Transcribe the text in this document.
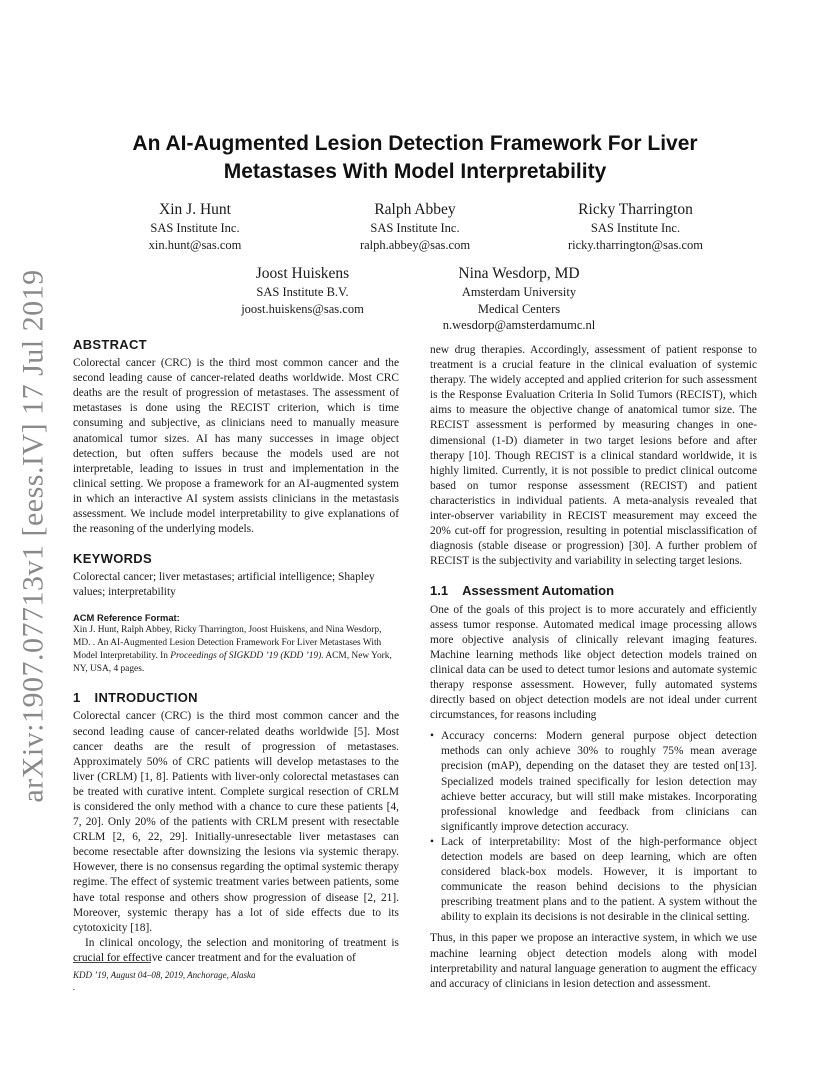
arXiv:1907.07713v1 [eess.IV] 17 Jul 2019
An AI-Augmented Lesion Detection Framework For Liver Metastases With Model Interpretability
Xin J. Hunt
SAS Institute Inc.
xin.hunt@sas.com
Ralph Abbey
SAS Institute Inc.
ralph.abbey@sas.com
Ricky Tharrington
SAS Institute Inc.
ricky.tharrington@sas.com
Joost Huiskens
SAS Institute B.V.
joost.huiskens@sas.com
Nina Wesdorp, MD
Amsterdam University Medical Centers
n.wesdorp@amsterdamumc.nl
ABSTRACT

Colorectal cancer (CRC) is the third most common cancer and the second leading cause of cancer-related deaths worldwide. Most CRC deaths are the result of progression of metastases. The assessment of metastases is done using the RECIST criterion, which is time consuming and subjective, as clinicians need to manually measure anatomical tumor sizes. AI has many successes in image object detection, but often suffers because the models used are not interpretable, leading to issues in trust and implementation in the clinical setting. We propose a framework for an AI-augmented system in which an interactive AI system assists clinicians in the metastasis assessment. We include model interpretability to give explanations of the reasoning of the underlying models.

KEYWORDS

Colorectal cancer; liver metastases; artificial intelligence; Shapley values; interpretability

ACM Reference Format:
Xin J. Hunt, Ralph Abbey, Ricky Tharrington, Joost Huiskens, and Nina Wesdorp, MD. . An AI-Augmented Lesion Detection Framework For Liver Metastases With Model Interpretability. In Proceedings of SIGKDD ’19 (KDD ’19). ACM, New York, NY, USA, 4 pages.
1 INTRODUCTION

Colorectal cancer (CRC) is the third most common cancer and the second leading cause of cancer-related deaths worldwide [5]. Most cancer deaths are the result of progression of metastases. Approximately 50% of CRC patients will develop metastases to the liver (CRLM) [1, 8]. Patients with liver-only colorectal metastases can be treated with curative intent. Complete surgical resection of CRLM is considered the only method with a chance to cure these patients [4, 7, 20]. Only 20% of the patients with CRLM present with resectable CRLM [2, 6, 22, 29]. Initially-unresectable liver metastases can become resectable after downsizing the lesions via systemic therapy. However, there is no consensus regarding the optimal systemic therapy regime. The effect of systemic treatment varies between patients, some have total response and others show progression of disease [2, 21]. Moreover, systemic therapy has a lot of side effects due to its cytotoxicity [18].

In clinical oncology, the selection and monitoring of treatment is crucial for effective cancer treatment and for the evaluation of

KDD ’19, August 04–08, 2019, Anchorage, Alaska
.

new drug therapies. Accordingly, assessment of patient response to treatment is a crucial feature in the clinical evaluation of systemic therapy. The widely accepted and applied criterion for such assessment is the Response Evaluation Criteria In Solid Tumors (RECIST), which aims to measure the objective change of anatomical tumor size. The RECIST assessment is performed by measuring changes in one-dimensional (1-D) diameter in two target lesions before and after therapy [10]. Though RECIST is a clinical standard worldwide, it is highly limited. Currently, it is not possible to predict clinical outcome based on tumor response assessment (RECIST) and patient characteristics in individual patients. A meta-analysis revealed that inter-observer variability in RECIST measurement may exceed the 20% cut-off for progression, resulting in potential misclassification of diagnosis (stable disease or progression) [30]. A further problem of RECIST is the subjectivity and variability in selecting target lesions.

1.1 Assessment Automation

One of the goals of this project is to more accurately and efficiently assess tumor response. Automated medical image processing allows more objective analysis of clinically relevant imaging features. Machine learning methods like object detection models trained on clinical data can be used to detect tumor lesions and automate systemic therapy response assessment. However, fully automated systems directly based on object detection models are not ideal under current circumstances, for reasons including

• Accuracy concerns: Modern general purpose object detection methods can only achieve 30% to roughly 75% mean average precision (mAP), depending on the dataset they are tested on[13]. Specialized models trained specifically for lesion detection may achieve better accuracy, but will still make mistakes. Incorporating professional knowledge and feedback from clinicians can significantly improve detection accuracy.
• Lack of interpretability: Most of the high-performance object detection models are based on deep learning, which are often considered black-box models. However, it is important to communicate the reason behind decisions to the physician prescribing treatment plans and to the patient. A system without the ability to explain its decisions is not desirable in the clinical setting.

Thus, in this paper we propose an interactive system, in which we use machine learning object detection models along with model interpretability and natural language generation to augment the efficacy and accuracy of clinicians in lesion detection and assessment.
